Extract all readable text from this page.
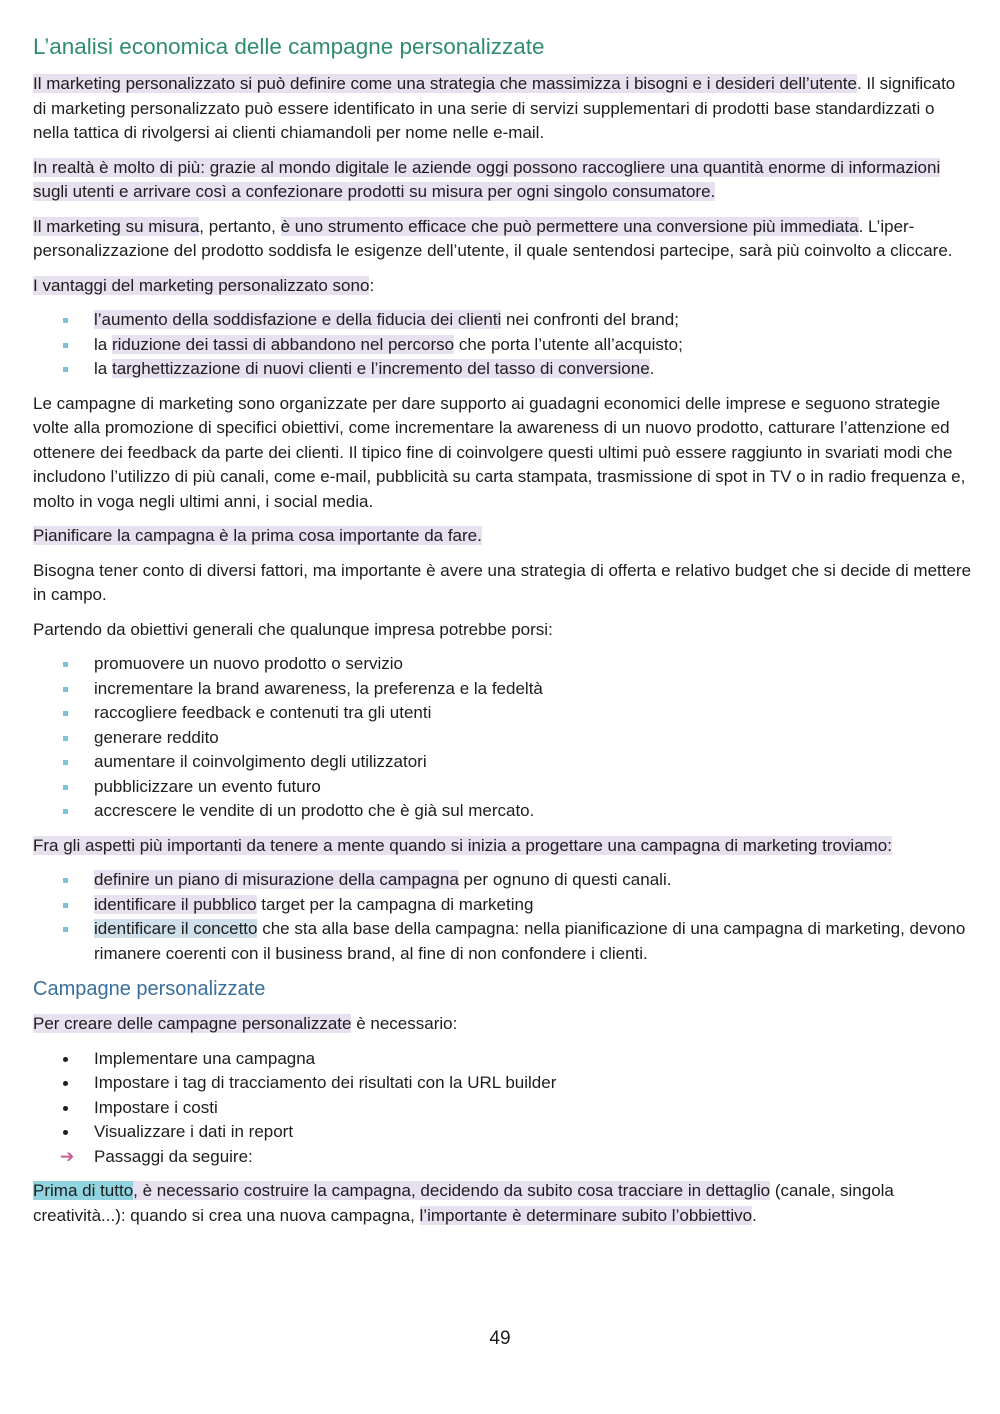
L’analisi economica delle campagne personalizzate

Il marketing personalizzato si può definire come una strategia che massimizza i bisogni e i desideri dell’utente. Il significato di marketing personalizzato può essere identificato in una serie di servizi supplementari di prodotti base standardizzati o nella tattica di rivolgersi ai clienti chiamandoli per nome nelle e-mail.

In realtà è molto di più: grazie al mondo digitale le aziende oggi possono raccogliere una quantità enorme di informazioni sugli utenti e arrivare così a confezionare prodotti su misura per ogni singolo consumatore.

Il marketing su misura, pertanto, è uno strumento efficace che può permettere una conversione più immediata. L’iper-personalizzazione del prodotto soddisfa le esigenze dell’utente, il quale sentendosi partecipe, sarà più coinvolto a cliccare.

I vantaggi del marketing personalizzato sono:

l’aumento della soddisfazione e della fiducia dei clienti nei confronti del brand;
la riduzione dei tassi di abbandono nel percorso che porta l’utente all’acquisto;
la targhettizzazione di nuovi clienti e l’incremento del tasso di conversione.

Le campagne di marketing sono organizzate per dare supporto ai guadagni economici delle imprese e seguono strategie volte alla promozione di specifici obiettivi, come incrementare la awareness di un nuovo prodotto, catturare l’attenzione ed ottenere dei feedback da parte dei clienti. Il tipico fine di coinvolgere questi ultimi può essere raggiunto in svariati modi che includono l’utilizzo di più canali, come e-mail, pubblicità su carta stampata, trasmissione di spot in TV o in radio frequenza e, molto in voga negli ultimi anni, i social media.

Pianificare la campagna è la prima cosa importante da fare.

Bisogna tener conto di diversi fattori, ma importante è avere una strategia di offerta e relativo budget che si decide di mettere in campo.

Partendo da obiettivi generali che qualunque impresa potrebbe porsi:

promuovere un nuovo prodotto o servizio
incrementare la brand awareness, la preferenza e la fedeltà
raccogliere feedback e contenuti tra gli utenti
generare reddito
aumentare il coinvolgimento degli utilizzatori
pubblicizzare un evento futuro
accrescere le vendite di un prodotto che è già sul mercato.

Fra gli aspetti più importanti da tenere a mente quando si inizia a progettare una campagna di marketing troviamo:

definire un piano di misurazione della campagna per ognuno di questi canali.
identificare il pubblico target per la campagna di marketing
identificare il concetto che sta alla base della campagna: nella pianificazione di una campagna di marketing, devono rimanere coerenti con il business brand, al fine di non confondere i clienti.
Campagne personalizzate

Per creare delle campagne personalizzate è necessario:

Implementare una campagna
Impostare i tag di tracciamento dei risultati con la URL builder
Impostare i costi
Visualizzare i dati in report
➔ Passaggi da seguire:

Prima di tutto, è necessario costruire la campagna, decidendo da subito cosa tracciare in dettaglio (canale, singola creatività...): quando si crea una nuova campagna, l’importante è determinare subito l’obbiettivo.

49
